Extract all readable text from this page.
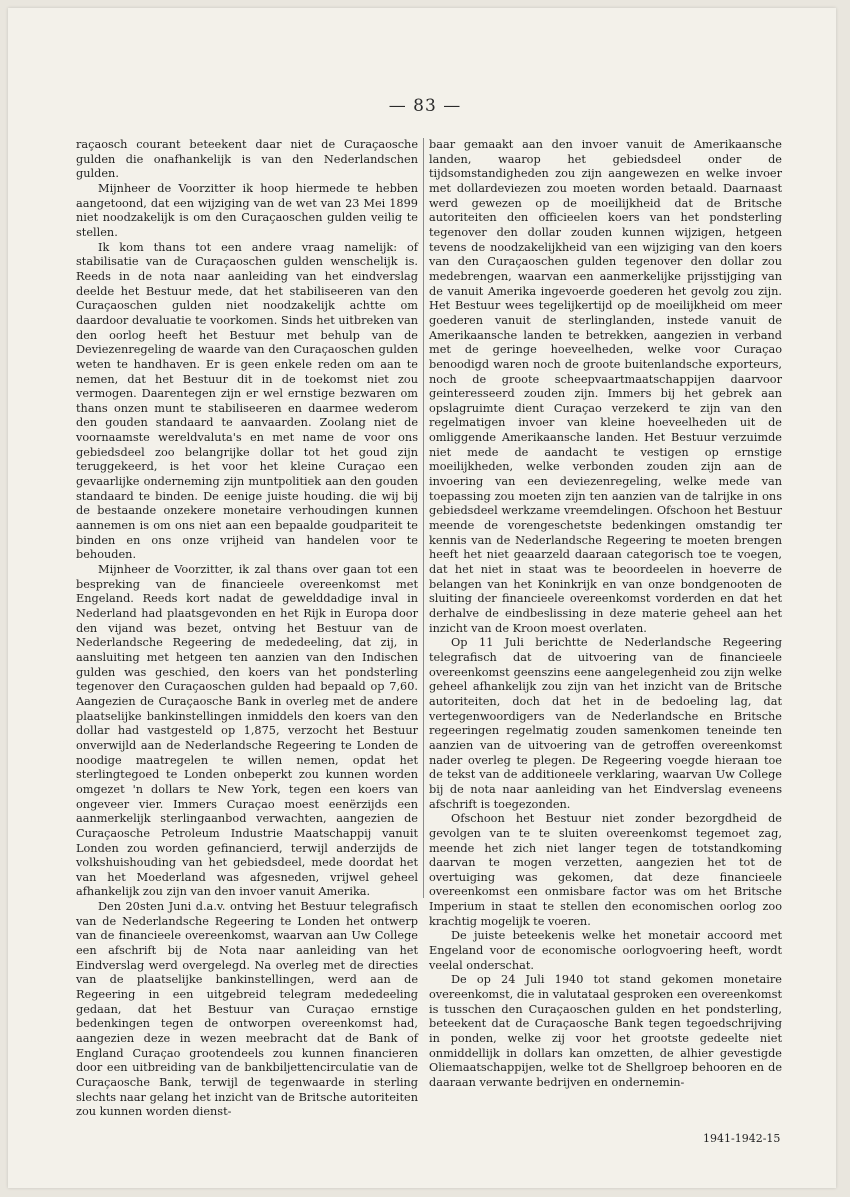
— 83 —

raçaosch courant beteekent daar niet de Curaçaosche gulden die onafhankelijk is van den Nederlandschen gulden.

Mijnheer de Voorzitter ik hoop hiermede te hebben aangetoond, dat een wijziging van de wet van 23 Mei 1899 niet noodzakelijk is om den Curaçaoschen gulden veilig te stellen.

Ik kom thans tot een andere vraag namelijk: of stabilisatie van de Curaçaoschen gulden wenschelijk is. Reeds in de nota naar aanleiding van het eindverslag deelde het Bestuur mede, dat het stabiliseeren van den Curaçaoschen gulden niet noodzakelijk achtte om daardoor devaluatie te voorkomen. Sinds het uitbreken van den oorlog heeft het Bestuur met behulp van de Deviezenregeling de waarde van den Curaçaoschen gulden weten te handhaven. Er is geen enkele reden om aan te nemen, dat het Bestuur dit in de toekomst niet zou vermogen. Daarentegen zijn er wel ernstige bezwaren om thans onzen munt te stabiliseeren en daarmee wederom den gouden standaard te aanvaarden. Zoolang niet de voornaamste wereldvaluta's en met name de voor ons gebiedsdeel zoo belangrijke dollar tot het goud zijn teruggekeerd, is het voor het kleine Curaçao een gevaarlijke onderneming zijn muntpolitiek aan den gouden standaard te binden. De eenige juiste houding. die wij bij de bestaande onzekere monetaire verhoudingen kunnen aannemen is om ons niet aan een bepaalde goudpariteit te binden en ons onze vrijheid van handelen voor te behouden.

Mijnheer de Voorzitter, ik zal thans over gaan tot een bespreking van de financieele overeenkomst met Engeland. Reeds kort nadat de gewelddadige inval in Nederland had plaatsgevonden en het Rijk in Europa door den vijand was bezet, ontving het Bestuur van de Nederlandsche Regeering de mededeeling, dat zij, in aansluiting met hetgeen ten aanzien van den Indischen gulden was geschied, den koers van het pondsterling tegenover den Curaçaoschen gulden had bepaald op 7,60. Aangezien de Curaçaosche Bank in overleg met de andere plaatselijke bankinstellingen inmiddels den koers van den dollar had vastgesteld op 1,875, verzocht het Bestuur onverwijld aan de Nederlandsche Regeering te Londen de noodige maatregelen te willen nemen, opdat het sterlingtegoed te Londen onbeperkt zou kunnen worden omgezet 'n dollars te New York, tegen een koers van ongeveer vier. Immers Curaçao moest eenërzijds een aanmerkelijk sterlingaanbod verwachten, aangezien de Curaçaosche Petroleum Industrie Maatschappij vanuit Londen zou worden gefinancierd, terwijl anderzijds de volkshuishouding van het gebiedsdeel, mede doordat het van het Moederland was afgesneden, vrijwel geheel afhankelijk zou zijn van den invoer vanuit Amerika.

Den 20sten Juni d.a.v. ontving het Bestuur telegrafisch van de Nederlandsche Regeering te Londen het ontwerp van de financieele overeenkomst, waarvan aan Uw College een afschrift bij de Nota naar aanleiding van het Eindverslag werd overgelegd. Na overleg met de directies van de plaatselijke bankinstellingen, werd aan de Regeering in een uitgebreid telegram mededeeling gedaan, dat het Bestuur van Curaçao ernstige bedenkingen tegen de ontworpen overeenkomst had, aangezien deze in wezen meebracht dat de Bank of England Curaçao grootendeels zou kunnen financieren door een uitbreiding van de bankbiljettencirculatie van de Curaçaosche Bank, terwijl de tegenwaarde in sterling slechts naar gelang het inzicht van de Britsche autoriteiten zou kunnen worden dienst-

baar gemaakt aan den invoer vanuit de Amerikaansche landen, waarop het gebiedsdeel onder de tijdsomstandigheden zou zijn aangewezen en welke invoer met dollardeviezen zou moeten worden betaald. Daarnaast werd gewezen op de moeilijkheid dat de Britsche autoriteiten den officieelen koers van het pondsterling tegenover den dollar zouden kunnen wijzigen, hetgeen tevens de noodzakelijkheid van een wijziging van den koers van den Curaçaoschen gulden tegenover den dollar zou medebrengen, waarvan een aanmerkelijke prijsstijging van de vanuit Amerika ingevoerde goederen het gevolg zou zijn. Het Bestuur wees tegelijkertijd op de moeilijkheid om meer goederen vanuit de sterlinglanden, instede vanuit de Amerikaansche landen te betrekken, aangezien in verband met de geringe hoeveelheden, welke voor Curaçao benoodigd waren noch de groote buitenlandsche exporteurs, noch de groote scheepvaartmaatschappijen daarvoor geinteresseerd zouden zijn. Immers bij het gebrek aan opslagruimte dient Curaçao verzekerd te zijn van den regelmatigen invoer van kleine hoeveelheden uit de omliggende Amerikaansche landen. Het Bestuur verzuimde niet mede de aandacht te vestigen op ernstige moeilijkheden, welke verbonden zouden zijn aan de invoering van een deviezenregeling, welke mede van toepassing zou moeten zijn ten aanzien van de talrijke in ons gebiedsdeel werkzame vreemdelingen. Ofschoon het Bestuur meende de vorengeschetste bedenkingen omstandig ter kennis van de Nederlandsche Regeering te moeten brengen heeft het niet geaarzeld daaraan categorisch toe te voegen, dat het niet in staat was te beoordeelen in hoeverre de belangen van het Koninkrijk en van onze bondgenooten de sluiting der financieele overeenkomst vorderden en dat het derhalve de eindbeslissing in deze materie geheel aan het inzicht van de Kroon moest overlaten.

Op 11 Juli berichtte de Nederlandsche Regeering telegrafisch dat de uitvoering van de financieele overeenkomst geenszins eene aangelegenheid zou zijn welke geheel afhankelijk zou zijn van het inzicht van de Britsche autoriteiten, doch dat het in de bedoeling lag, dat vertegenwoordigers van de Nederlandsche en Britsche regeeringen regelmatig zouden samenkomen teneinde ten aanzien van de uitvoering van de getroffen overeenkomst nader overleg te plegen. De Regeering voegde hieraan toe de tekst van de additioneele verklaring, waarvan Uw College bij de nota naar aanleiding van het Eindverslag eveneens afschrift is toegezonden.

Ofschoon het Bestuur niet zonder bezorgdheid de gevolgen van te te sluiten overeenkomst tegemoet zag, meende het zich niet langer tegen de totstandkoming daarvan te mogen verzetten, aangezien het tot de overtuiging was gekomen, dat deze financieele overeenkomst een onmisbare factor was om het Britsche Imperium in staat te stellen den economischen oorlog zoo krachtig mogelijk te voeren.

De juiste beteekenis welke het monetair accoord met Engeland voor de economische oorlogvoering heeft, wordt veelal onderschat.

De op 24 Juli 1940 tot stand gekomen monetaire overeenkomst, die in valutataal gesproken een overeenkomst is tusschen den Curaçaoschen gulden en het pondsterling, beteekent dat de Curaçaosche Bank tegen tegoedschrijving in ponden, welke zij voor het grootste gedeelte niet onmiddellijk in dollars kan omzetten, de alhier gevestigde Oliemaatschappijen, welke tot de Shellgroep behooren en de daaraan verwante bedrijven en ondernemin-

1941-1942-15
